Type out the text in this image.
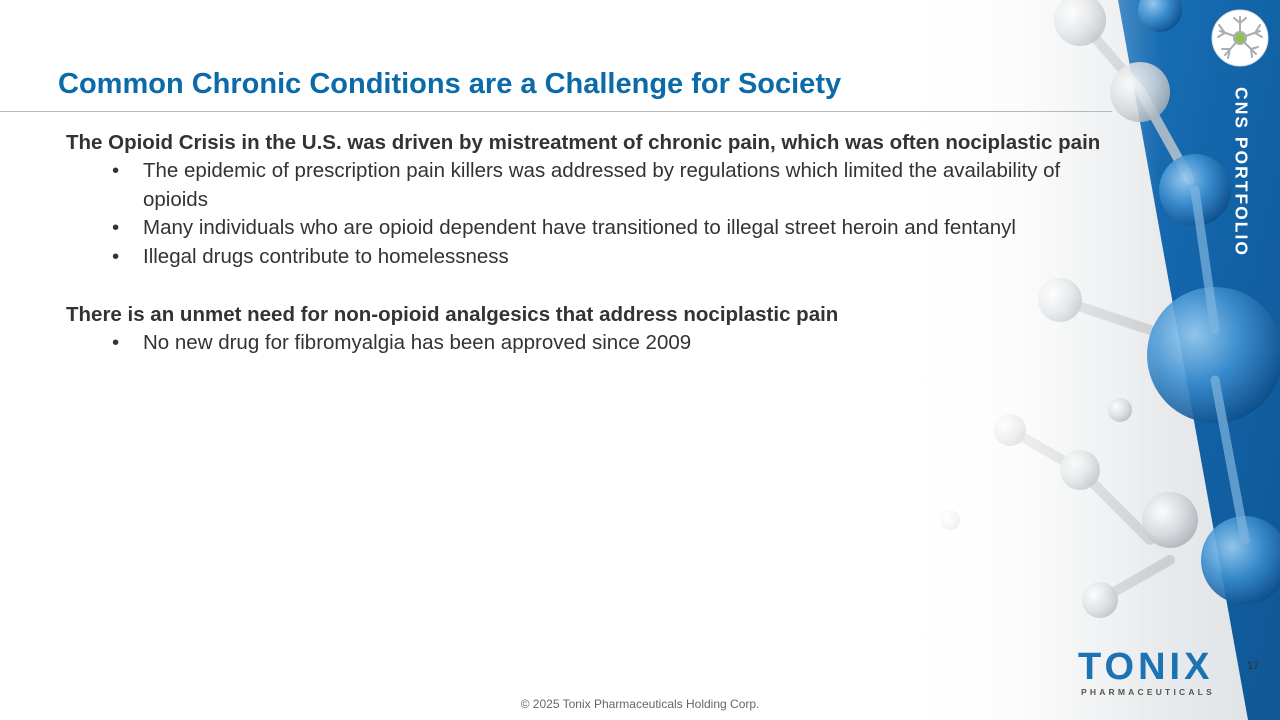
Common Chronic Conditions are a Challenge for Society

The Opioid Crisis in the U.S. was driven by mistreatment of chronic pain, which was often nociplastic pain

• The epidemic of prescription pain killers was addressed by regulations which limited the availability of opioids
• Many individuals who are opioid dependent have transitioned to illegal street heroin and fentanyl
• Illegal drugs contribute to homelessness

There is an unmet need for non-opioid analgesics that address nociplastic pain

• No new drug for fibromyalgia has been approved since 2009
CNS PORTFOLIO
TONIX
PHARMACEUTICALS
17
© 2025 Tonix Pharmaceuticals Holding Corp.
